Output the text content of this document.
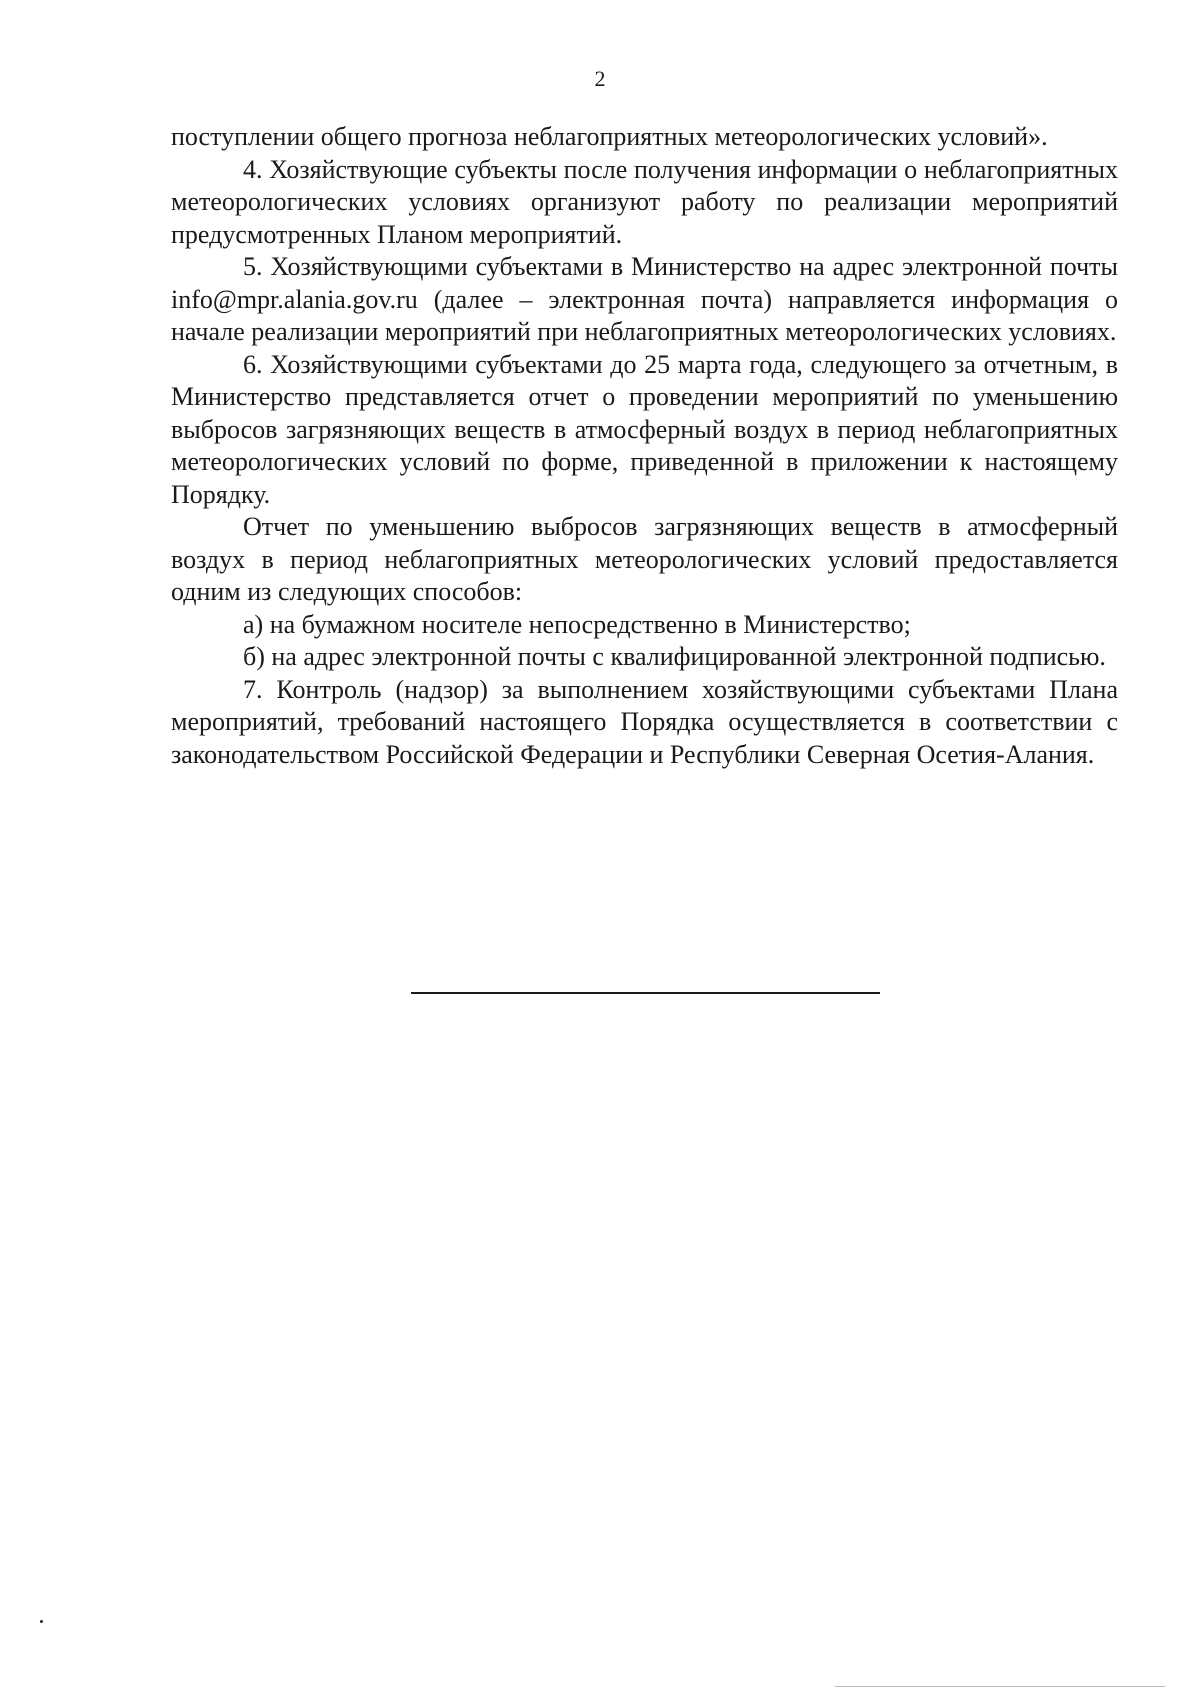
2

поступлении общего прогноза неблагоприятных метеорологических условий».

4. Хозяйствующие субъекты после получения информации о неблагоприятных метеорологических условиях организуют работу по реализации мероприятий предусмотренных Планом мероприятий.

5. Хозяйствующими субъектами в Министерство на адрес электронной почты info@mpr.alania.gov.ru (далее – электронная почта) направляется информация о начале реализации мероприятий при неблагоприятных метеорологических условиях.

6. Хозяйствующими субъектами до 25 марта года, следующего за отчетным, в Министерство представляется отчет о проведении мероприятий по уменьшению выбросов загрязняющих веществ в атмосферный воздух в период неблагоприятных метеорологических условий по форме, приведенной в приложении к настоящему Порядку.

Отчет по уменьшению выбросов загрязняющих веществ в атмосферный воздух в период неблагоприятных метеорологических условий предоставляется одним из следующих способов:

а) на бумажном носителе непосредственно в Министерство;

б) на адрес электронной почты с квалифицированной электронной подписью.

7. Контроль (надзор) за выполнением хозяйствующими субъектами Плана мероприятий, требований настоящего Порядка осуществляется в соответствии с законодательством Российской Федерации и Республики Северная Осетия-Алания.
